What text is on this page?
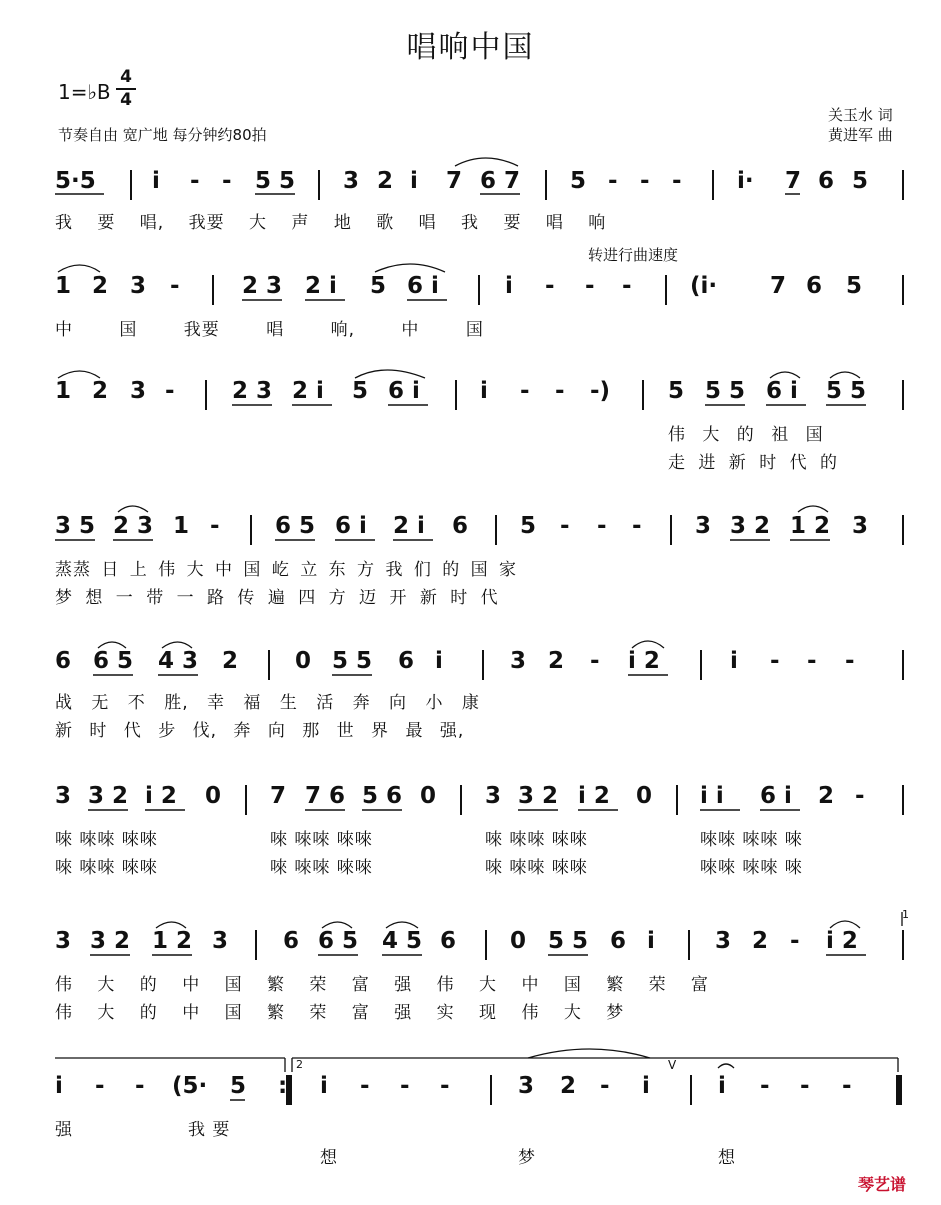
唱响中国
1=♭B
4
4
节奏自由 宽广地 每分钟约80拍
关玉水 词
黄进军 曲
转进行曲速度
5·5 i - - 5 5 3 2 i 7 6 7 5 - - - i· 7 6 5
我 要 唱, 我要 大 声 地 歌 唱 我 要 唱 响
1 2 3 -	2 3 2 i 5 6 i	i - - -	(i· 7 6 5
中 国 我要 唱 响, 中 国
1 2 3 - 2 3 2 i 5 6 i	i - - -)	5 5 5 6 i 5 5
伟 大 的 祖 国
走 进 新 时 代 的
3 5 2 3 1 - 6 5 6 i 2 i 6 5 - - - 3 3 2 1 2 3
蒸蒸 日 上 伟 大 中 国 屹 立 东 方 我 们 的 国 家
梦 想 一 带 一 路 传 遍 四 方 迈 开 新 时 代
6 6 5 4 3 2 0 5 5 6 i	3 2 - i 2	i - - -
战 无 不 胜, 幸 福 生 活 奔 向 小 康
新 时 代 步 伐, 奔 向 那 世 界 最 强,
3 3 2 i 2 0 7 7 6 5 6 0 3 3 2 i 2 0 i i 6 i 2 -
唻 唻唻 唻唻	唻 唻唻 唻唻	唻 唻唻 唻唻	唻唻 唻唻 唻
唻 唻唻 唻唻	唻 唻唻 唻唻	唻 唻唻 唻唻	唻唻 唻唻 唻
3 3 2 1 2 3 6 6 5 4 5 6 0 5 5 6 i	3 2 - i 2
伟 大 的 中 国 繁 荣 富 强 伟 大 中 国 繁 荣 富
伟 大 的 中 国 繁 荣 富 强 实 现 伟 大 梦
i - - (5· 5 : i - - -	3 2 - i	i - - -
强	我 要
想	梦	想
1
2	V
琴艺谱
